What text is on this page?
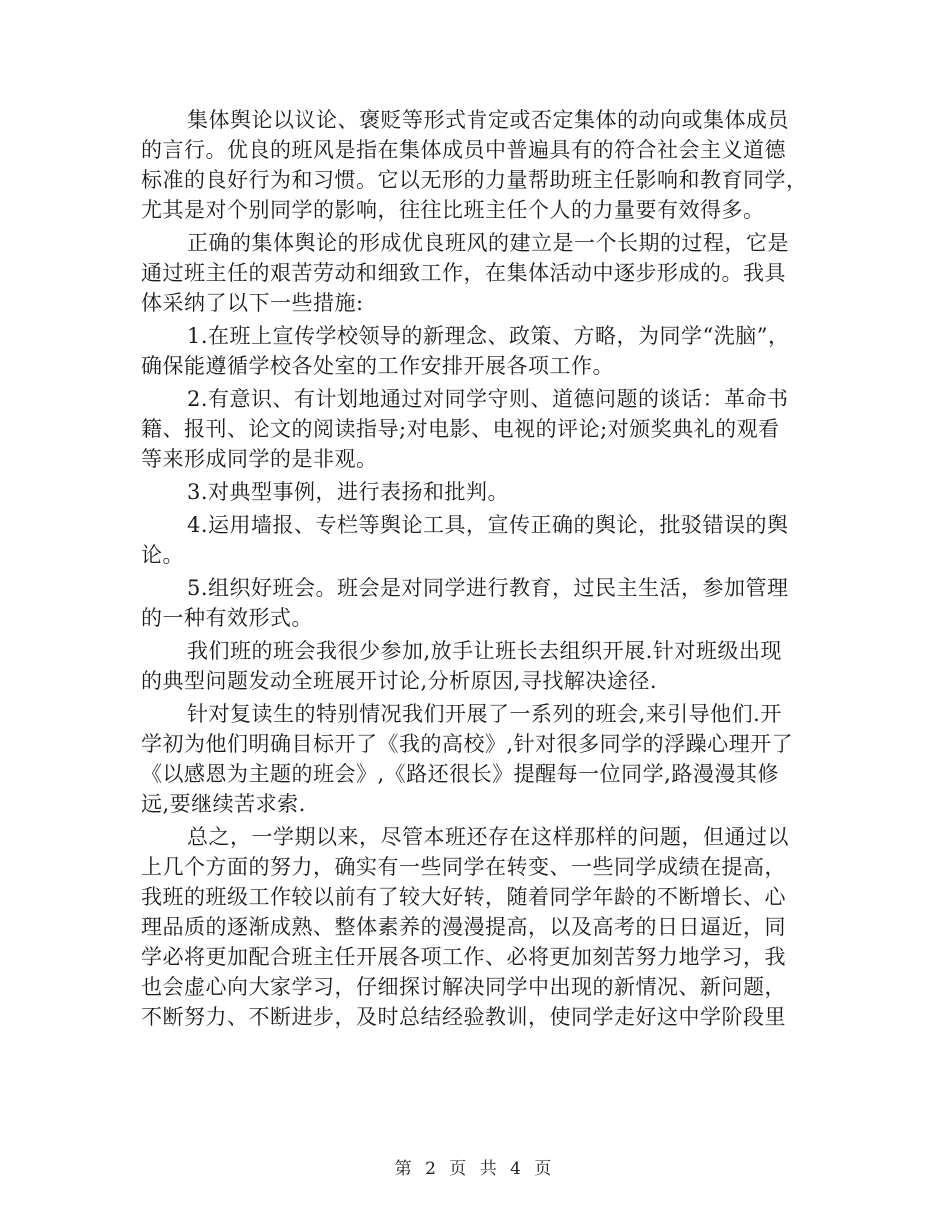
集体舆论以议论、褒贬等形式肯定或否定集体的动向或集体成员
的言行。优良的班风是指在集体成员中普遍具有的符合社会主义道德
标准的良好行为和习惯。它以无形的力量帮助班主任影响和教育同学，
尤其是对个别同学的影响，往往比班主任个人的力量要有效得多。

正确的集体舆论的形成优良班风的建立是一个长期的过程，它是
通过班主任的艰苦劳动和细致工作，在集体活动中逐步形成的。我具
体采纳了以下一些措施:

1.在班上宣传学校领导的新理念、政策、方略，为同学“洗脑”，
确保能遵循学校各处室的工作安排开展各项工作。

2.有意识、有计划地通过对同学守则、道德问题的谈话：革命书
籍、报刊、论文的阅读指导;对电影、电视的评论;对颁奖典礼的观看
等来形成同学的是非观。

3.对典型事例，进行表扬和批判。

4.运用墙报、专栏等舆论工具，宣传正确的舆论，批驳错误的舆
论。

5.组织好班会。班会是对同学进行教育，过民主生活，参加管理
的一种有效形式。

我们班的班会我很少参加,放手让班长去组织开展.针对班级出现
的典型问题发动全班展开讨论,分析原因,寻找解决途径.

针对复读生的特别情况我们开展了一系列的班会,来引导他们.开
学初为他们明确目标开了《我的高校》,针对很多同学的浮躁心理开了
《以感恩为主题的班会》,《路还很长》提醒每一位同学,路漫漫其修
远,要继续苦求索.

总之，一学期以来，尽管本班还存在这样那样的问题，但通过以
上几个方面的努力，确实有一些同学在转变、一些同学成绩在提高，
我班的班级工作较以前有了较大好转，随着同学年龄的不断增长、心
理品质的逐渐成熟、整体素养的漫漫提高，以及高考的日日逼近，同
学必将更加配合班主任开展各项工作、必将更加刻苦努力地学习，我
也会虚心向大家学习，仔细探讨解决同学中出现的新情况、新问题，
不断努力、不断进步，及时总结经验教训，使同学走好这中学阶段里

第 2 页 共 4 页
